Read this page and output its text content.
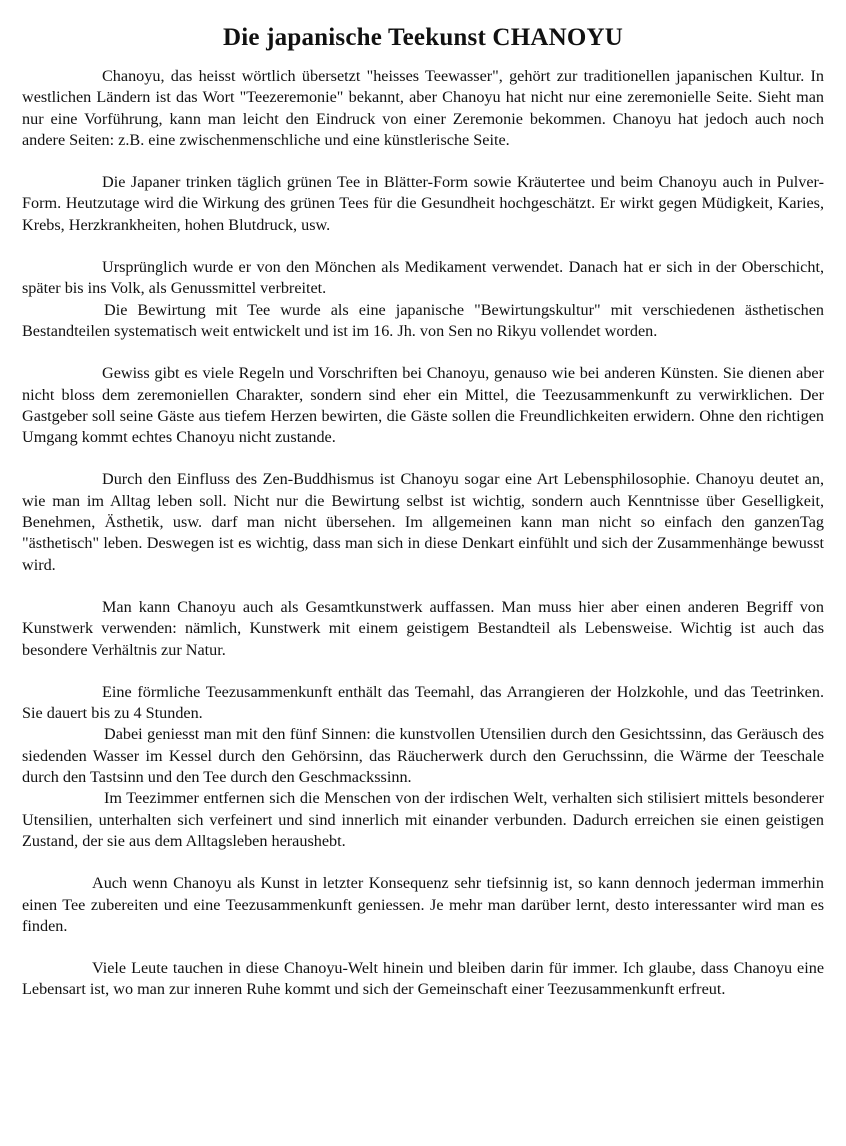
Die japanische Teekunst CHANOYU

Chanoyu, das heisst wörtlich übersetzt "heisses Teewasser", gehört zur traditionellen japanischen Kultur. In westlichen Ländern ist das Wort "Teezeremonie" bekannt, aber Chanoyu hat nicht nur eine zeremonielle Seite. Sieht man nur eine Vorführung, kann man leicht den Eindruck von einer Zeremonie bekommen. Chanoyu hat jedoch auch noch andere Seiten: z.B. eine zwischenmenschliche und eine künstlerische Seite.

Die Japaner trinken täglich grünen Tee in Blätter-Form sowie Kräutertee und beim Chanoyu auch in Pulver-Form. Heutzutage wird die Wirkung des grünen Tees für die Gesundheit hochgeschätzt. Er wirkt gegen Müdigkeit, Karies, Krebs, Herzkrankheiten, hohen Blutdruck, usw.

Ursprünglich wurde er von den Mönchen als Medikament verwendet. Danach hat er sich in der Oberschicht, später bis ins Volk, als Genussmittel verbreitet.

Die Bewirtung mit Tee wurde als eine japanische "Bewirtungskultur" mit verschiedenen ästhetischen Bestandteilen systematisch weit entwickelt und ist im 16. Jh. von Sen no Rikyu vollendet worden.

Gewiss gibt es viele Regeln und Vorschriften bei Chanoyu, genauso wie bei anderen Künsten. Sie dienen aber nicht bloss dem zeremoniellen Charakter, sondern sind eher ein Mittel, die Teezusammenkunft zu verwirklichen. Der Gastgeber soll seine Gäste aus tiefem Herzen bewirten, die Gäste sollen die Freundlichkeiten erwidern. Ohne den richtigen Umgang kommt echtes Chanoyu nicht zustande.

Durch den Einfluss des Zen-Buddhismus ist Chanoyu sogar eine Art Lebensphilosophie. Chanoyu deutet an, wie man im Alltag leben soll. Nicht nur die Bewirtung selbst ist wichtig, sondern auch Kenntnisse über Geselligkeit, Benehmen, Ästhetik, usw. darf man nicht übersehen. Im allgemeinen kann man nicht so einfach den ganzenTag "ästhetisch" leben. Deswegen ist es wichtig, dass man sich in diese Denkart einfühlt und sich der Zusammenhänge bewusst wird.

Man kann Chanoyu auch als Gesamtkunstwerk auffassen. Man muss hier aber einen anderen Begriff von Kunstwerk verwenden: nämlich, Kunstwerk mit einem geistigem Bestandteil als Lebensweise. Wichtig ist auch das besondere Verhältnis zur Natur.

Eine förmliche Teezusammenkunft enthält das Teemahl, das Arrangieren der Holzkohle, und das Teetrinken. Sie dauert bis zu 4 Stunden.

Dabei geniesst man mit den fünf Sinnen: die kunstvollen Utensilien durch den Gesichtssinn, das Geräusch des siedenden Wasser im Kessel durch den Gehörsinn, das Räucherwerk durch den Geruchssinn, die Wärme der Teeschale durch den Tastsinn und den Tee durch den Geschmackssinn.

Im Teezimmer entfernen sich die Menschen von der irdischen Welt, verhalten sich stilisiert mittels besonderer Utensilien, unterhalten sich verfeinert und sind innerlich mit einander verbunden. Dadurch erreichen sie einen geistigen Zustand, der sie aus dem Alltagsleben heraushebt.

Auch wenn Chanoyu als Kunst in letzter Konsequenz sehr tiefsinnig ist, so kann dennoch jederman immerhin einen Tee zubereiten und eine Teezusammenkunft geniessen. Je mehr man darüber lernt, desto interessanter wird man es finden.

Viele Leute tauchen in diese Chanoyu-Welt hinein und bleiben darin für immer. Ich glaube, dass Chanoyu eine Lebensart ist, wo man zur inneren Ruhe kommt und sich der Gemeinschaft einer Teezusammenkunft erfreut.
